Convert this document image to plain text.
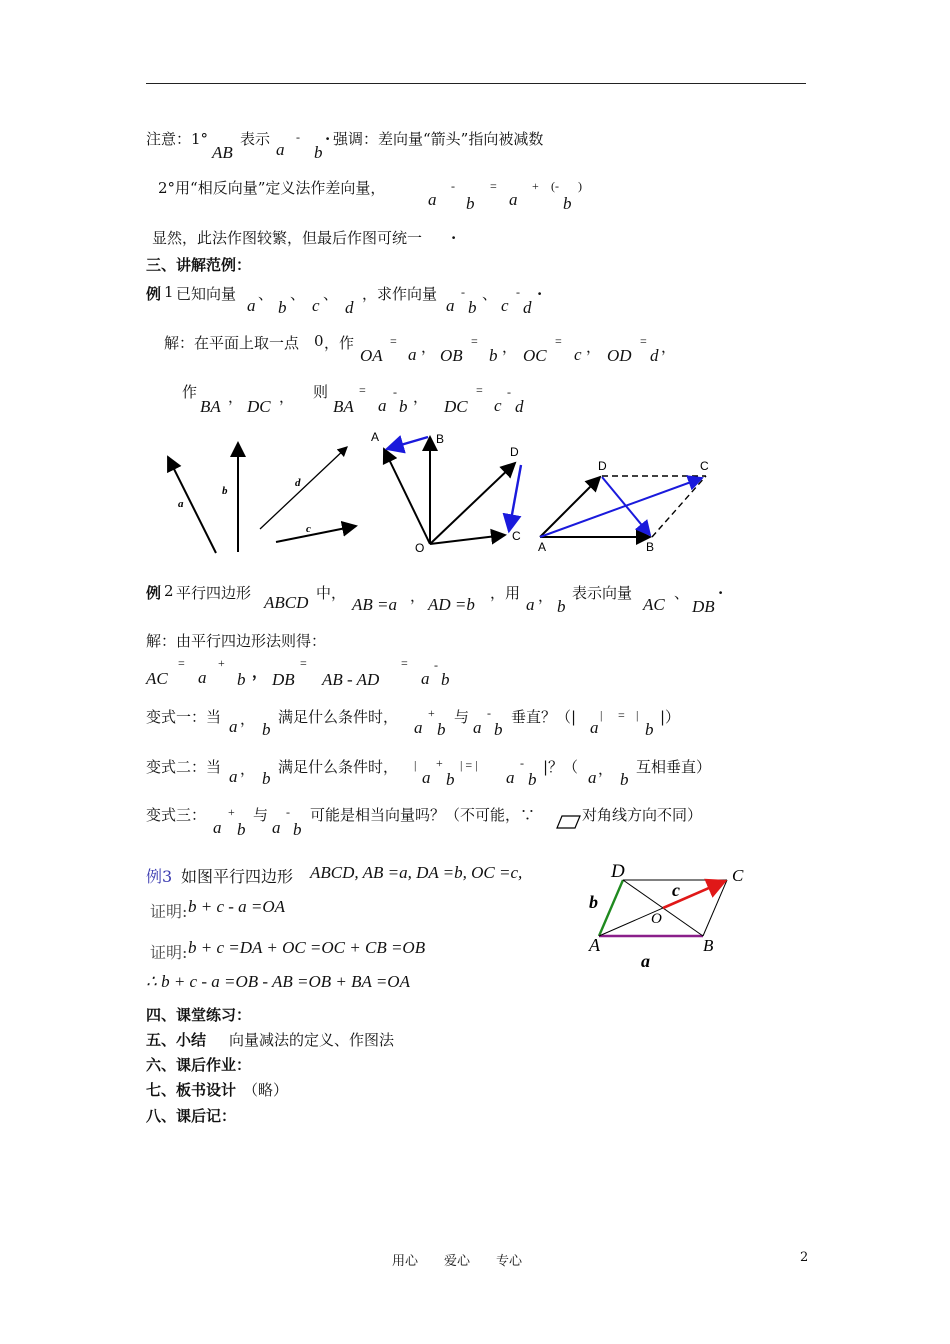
注意：1°
AB
表示
a
-
b
. 强调：差向量“箭头”指向被减数
2°用“相反向量”定义法作差向量，
a
-
b
=
a
+ (- )
b
显然，此法作图较繁，但最后作图可统一 .
三、讲解范例：
例 1 已知向量
a
、
b
、
c
、
d
，求作向量
a
-
b
、
c
-
d
.
解：在平面上取一点 0 ，作
OA
=
a ， OB
=
b ， OC
=
c ， OD
=
d ，
作
BA ， DC ， 则
BA
=
a
-
b ， DC
=
c
-
d
a
b
d
c
A	B
D
C
O	A	B
D	C
例 2 平行四边形 ABCD 中，
AB =a ， AD =b
，用
a ，
b
表示向量
AC
、
DB
.
解：由平行四边形法则得：
AC
=
a
+
b ， DB
=
AB - AD
=
a
-
b
变式一：当 a ，
b
满足什么条件时，
a
+
b
与
a
-
b
垂直？（|
a
| = |
b
|）
变式二：当 a ， b
满足什么条件时， |
a
+
b
| = |
a
-
b
|？（
a ，
b
互相垂直）
变式三：
a
+
b
与
a
-
b
可能是相当向量吗？（不可能，∵	对角线方向不同）
例3 如图平行四边形 ABCD, AB =a, DA =b, OC =c,
证明: b + c - a =OA
证明: b + c =DA + OC =OC + CB =OB
∴ b + c - a =OB - AB =OB + BA =OA
A	B
C
D
O
a
b
c
四、课堂练习：
五、小结 向量减法的定义、作图法
六、课后作业：
七、板书设计 （略）
八、课后记：
用心　　爱心　　专心	2
